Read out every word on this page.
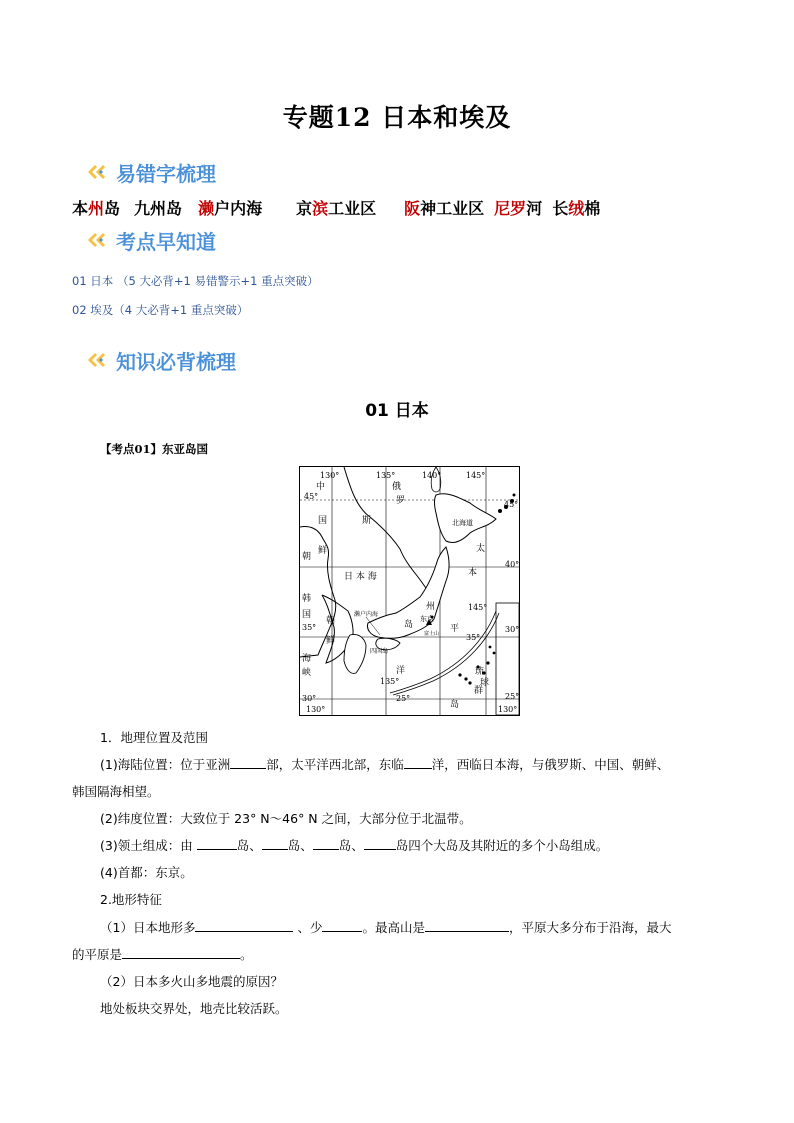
专题12 日本和埃及
易错字梳理
本州岛 九州岛 濑户内海 京滨工业区 阪神工业区 尼罗河 长绒棉
考点早知道
01 日本 （5 大必背+1 易错警示+1 重点突破）
02 埃及（4 大必背+1 重点突破）
知识必背梳理
01 日本
【考点01】东亚岛国
130°	135°	140°	145°
135°
130°	130°
145°
45°
40°
35°
30°	25°
45°
30°
25°
35°
中
国
俄
罗
斯
朝
鲜
韩
国
朝
鲜
海
峡
日 本 海	本
太
平
洋
州
岛
琉
球
群
岛
北海道
东京
富士山
濑户内海
四国岛
1．地理位置及范围
(1)海陆位置：位于亚洲	部，太平洋西北部，东临 洋，西临日本海，与俄罗斯、中国、朝鲜、
韩国隔海相望。
(2)纬度位置：大致位于 23° N～46° N 之间，大部分位于北温带。
(3)领土组成：由	岛、 岛、 岛、	岛四个大岛及其附近的多个小岛组成。
(4)首都：东京。
2.地形特征
（1）日本地形多	、少	。最高山是	，平原大多分布于沿海，最大
的平原是	。
（2）日本多火山多地震的原因？
地处板块交界处，地壳比较活跃。
